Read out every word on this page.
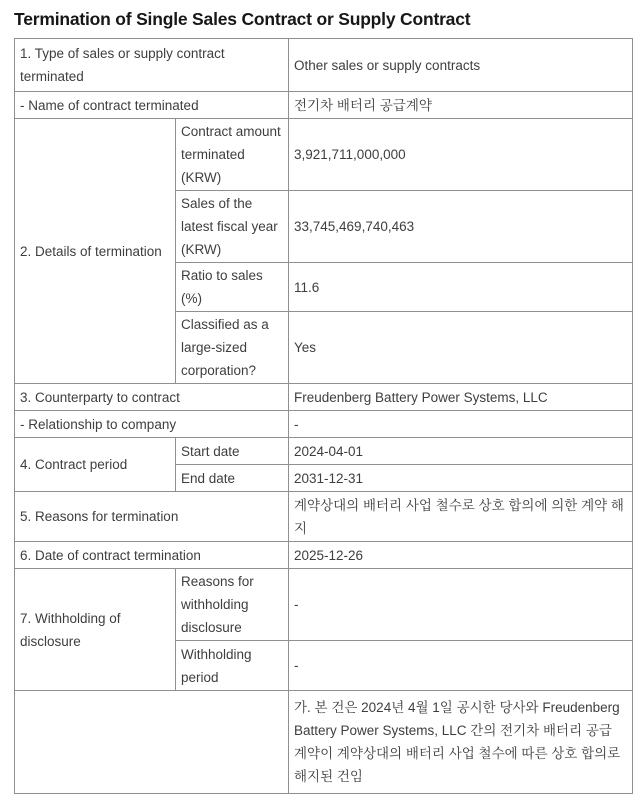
Termination of Single Sales Contract or Supply Contract
1. Type of sales or supply contract terminated		Other sales or supply contracts
- Name of contract terminated		전기차 배터리 공급계약
2. Details of termination	Contract amount terminated (KRW)	3,921,711,000,000
	Sales of the latest fiscal year (KRW)	33,745,469,740,463
	Ratio to sales (%)	11.6
	Classified as a large-sized corporation?	Yes
3. Counterparty to contract		Freudenberg Battery Power Systems, LLC
- Relationship to company		-
4. Contract period	Start date	2024-04-01
	End date	2031-12-31
5. Reasons for termination		계약상대의 배터리 사업 철수로 상호 합의에 의한 계약 해지
6. Date of contract termination		2025-12-26
7. Withholding of disclosure	Reasons for withholding disclosure	-
	Withholding period	-
		가. 본 건은 2024년 4월 1일 공시한 당사와 Freudenberg Battery Power Systems, LLC 간의 전기차 배터리 공급 계약이 계약상대의 배터리 사업 철수에 따른 상호 합의로 해지된 건임
